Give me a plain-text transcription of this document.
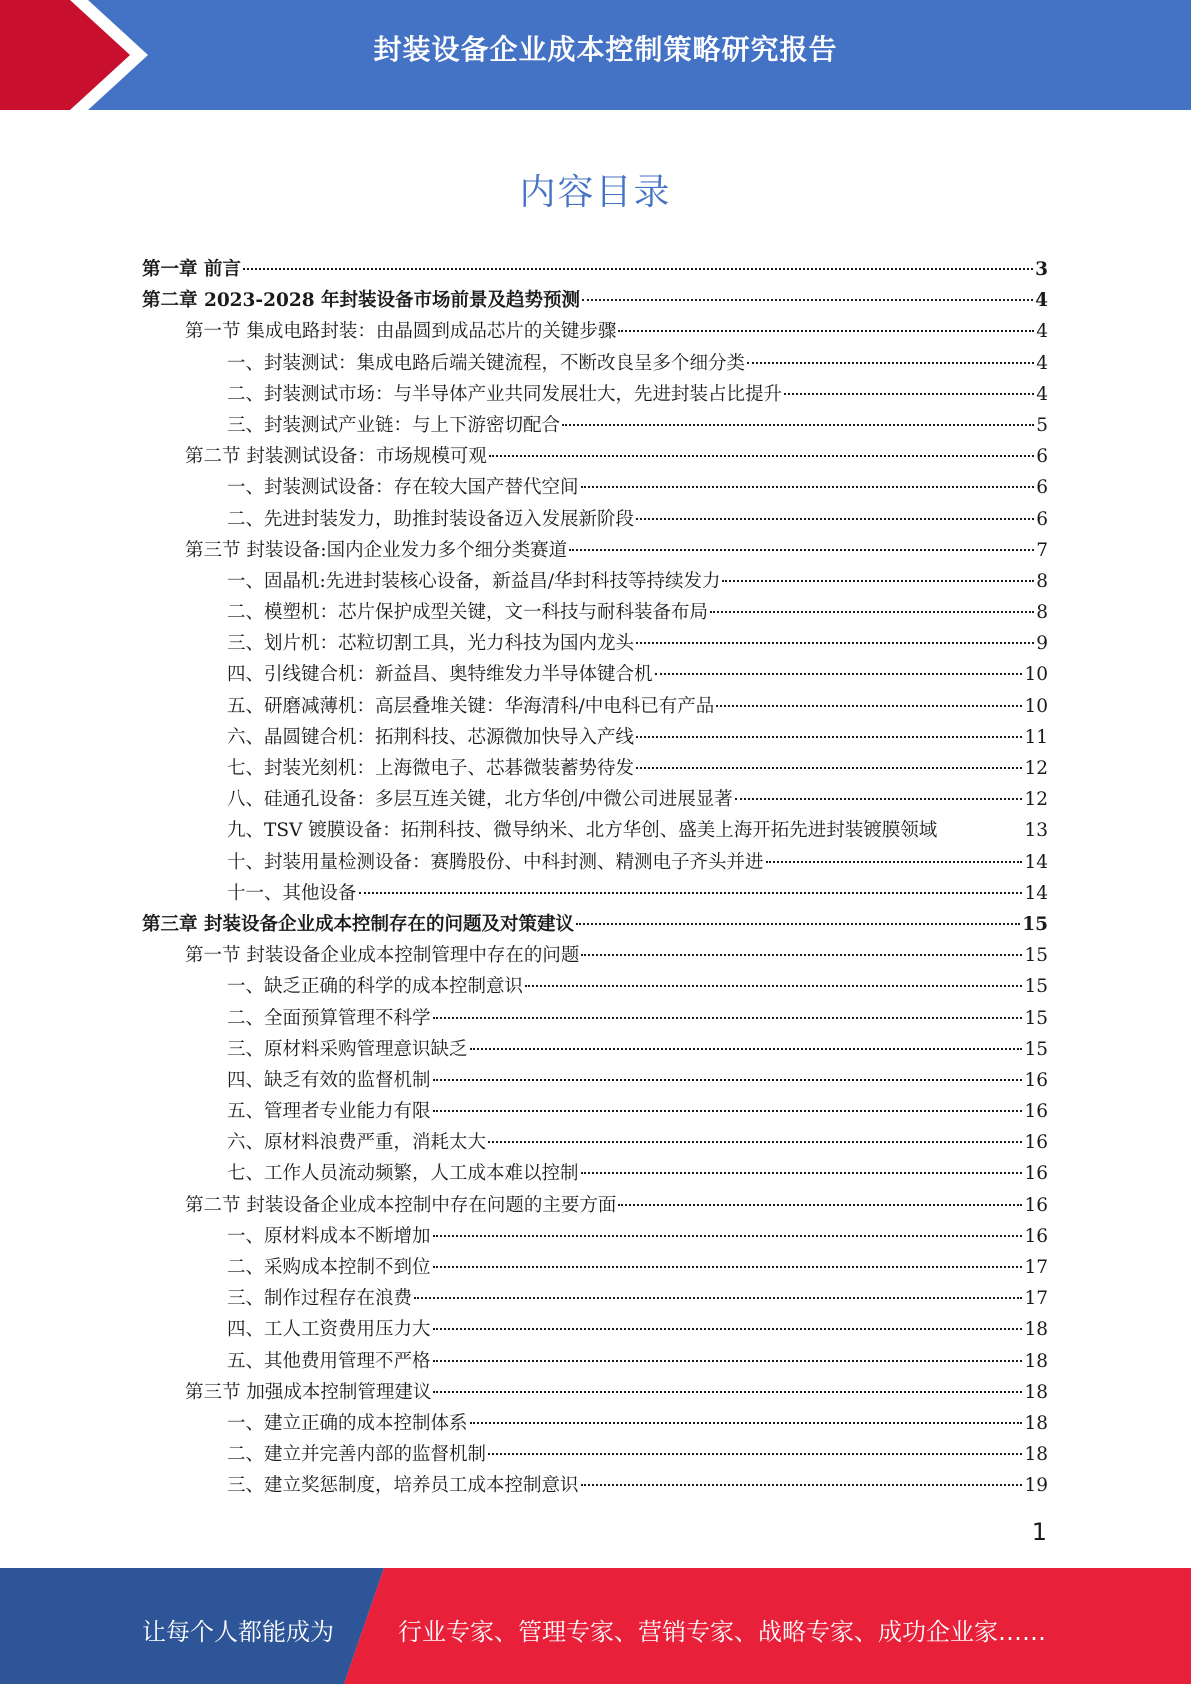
封装设备企业成本控制策略研究报告
内容目录
第一章 前言	3
第二章 2023-2028 年封装设备市场前景及趋势预测	4
第一节 集成电路封装：由晶圆到成品芯片的关键步骤	4
一、封装测试：集成电路后端关键流程，不断改良呈多个细分类	4
二、封装测试市场：与半导体产业共同发展壮大，先进封装占比提升	4
三、封装测试产业链：与上下游密切配合	5
第二节 封装测试设备：市场规模可观	6
一、封装测试设备：存在较大国产替代空间	6
二、先进封装发力，助推封装设备迈入发展新阶段	6
第三节 封装设备:国内企业发力多个细分类赛道	7
一、固晶机:先进封装核心设备，新益昌/华封科技等持续发力	8
二、模塑机：芯片保护成型关键，文一科技与耐科装备布局	8
三、划片机：芯粒切割工具，光力科技为国内龙头	9
四、引线键合机：新益昌、奥特维发力半导体键合机	10
五、研磨减薄机：高层叠堆关键：华海清科/中电科已有产品	10
六、晶圆键合机：拓荆科技、芯源微加快导入产线	11
七、封装光刻机：上海微电子、芯碁微装蓄势待发	12
八、硅通孔设备：多层互连关键，北方华创/中微公司进展显著	12
九、TSV 镀膜设备：拓荆科技、微导纳米、北方华创、盛美上海开拓先进封装镀膜领域	13
十、封装用量检测设备：赛腾股份、中科封测、精测电子齐头并进	14
十一、其他设备	14
第三章 封装设备企业成本控制存在的问题及对策建议	15
第一节 封装设备企业成本控制管理中存在的问题	15
一、缺乏正确的科学的成本控制意识	15
二、全面预算管理不科学	15
三、原材料采购管理意识缺乏	15
四、缺乏有效的监督机制	16
五、管理者专业能力有限	16
六、原材料浪费严重，消耗太大	16
七、工作人员流动频繁，人工成本难以控制	16
第二节 封装设备企业成本控制中存在问题的主要方面	16
一、原材料成本不断增加	16
二、采购成本控制不到位	17
三、制作过程存在浪费	17
四、工人工资费用压力大	18
五、其他费用管理不严格	18
第三节 加强成本控制管理建议	18
一、建立正确的成本控制体系	18
二、建立并完善内部的监督机制	18
三、建立奖惩制度，培养员工成本控制意识	19
1
让每个人都能成为	行业专家、管理专家、营销专家、战略专家、成功企业家……
